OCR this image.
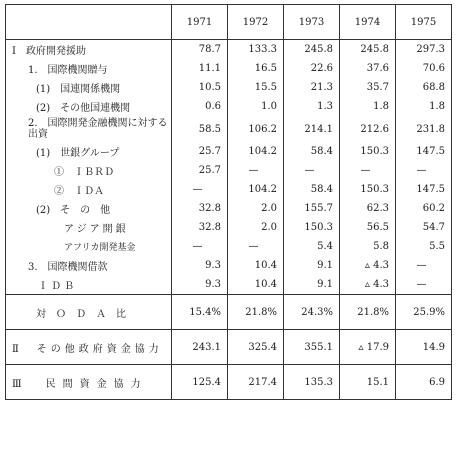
	1971	1972	1973	1974	1975
Ⅰ　政府開発援助	78.7	133.3	245.8	245.8	297.3
1.　国際機関贈与	11.1	16.5	22.6	37.6	70.6
(1)　国連関係機関	10.5	15.5	21.3	35.7	68.8
(2)　その他国連機関	0.6	1.0	1.3	1.8	1.8
2.　国際開発金融機関に対する出資	58.5	106.2	214.1	212.6	231.8
(1)　世銀グループ	25.7	104.2	58.4	150.3	147.5
①　ＩＢＲＤ	25.7	—	—	—	—
②　ＩＤＡ	—	104.2	58.4	150.3	147.5
(2)　そ　の　他	32.8	2.0	155.7	62.3	60.2
アジア開銀	32.8	2.0	150.3	56.5	54.7
アフリカ開発基金	—	—	5.4	5.8	5.5
3.　国際機関借款	9.3	10.4	9.1	▵ 4.3	—
ＩＤＢ	9.3	10.4	9.1	▵ 4.3	—
対ＯＤＡ比	15.4%	21.8%	24.3%	21.8%	25.9%
Ⅱ　その他政府資金協力	243.1	325.4	355.1	▵ 17.9	14.9
Ⅲ　民間資金協力	125.4	217.4	135.3	15.1	6.9
